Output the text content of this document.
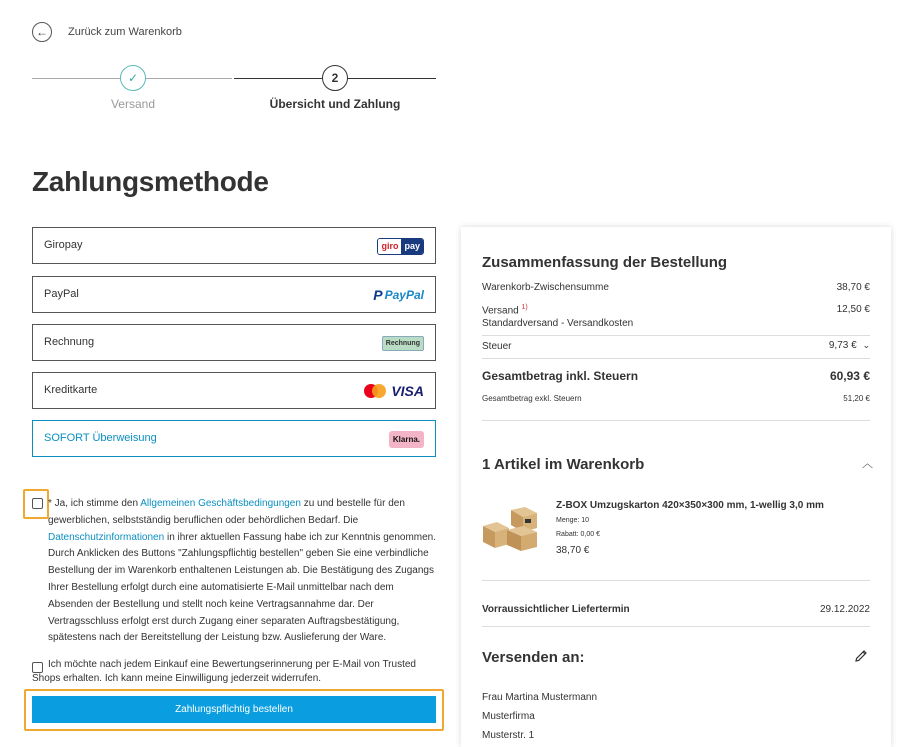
←	Zurück zum Warenkorb
✓	2
Versand	Übersicht und Zahlung
Zahlungsmethode
Giropay	giro pay
PayPal	P PayPal
Rechnung	Rechnung
Kreditkarte	VISA
SOFORT Überweisung	Klarna.
* Ja, ich stimme den Allgemeinen Geschäftsbedingungen zu und bestelle für den gewerblichen, selbstständig beruflichen oder behördlichen Bedarf. Die Datenschutzinformationen in ihrer aktuellen Fassung habe ich zur Kenntnis genommen. Durch Anklicken des Buttons "Zahlungspflichtig bestellen" geben Sie eine verbindliche Bestellung der im Warenkorb enthaltenen Leistungen ab. Die Bestätigung des Zugangs Ihrer Bestellung erfolgt durch eine automatisierte E-Mail unmittelbar nach dem Absenden der Bestellung und stellt noch keine Vertragsannahme dar. Der Vertragsschluss erfolgt erst durch Zugang einer separaten Auftragsbestätigung, spätestens nach der Bereitstellung der Leistung bzw. Auslieferung der Ware.
Ich möchte nach jedem Einkauf eine Bewertungserinnerung per E-Mail von Trusted Shops erhalten. Ich kann meine Einwilligung jederzeit widerrufen.
Zahlungspflichtig bestellen
Zusammenfassung der Bestellung
Warenkorb-Zwischensumme	38,70 €
Versand $^{1)}$	12,50 €
Standardversand - Versandkosten
Steuer	9,73 € ⌄
Gesamtbetrag inkl. Steuern	60,93 €
Gesamtbetrag exkl. Steuern	51,20 €
1 Artikel im Warenkorb	︿
Z-BOX Umzugskarton 420×350×300 mm, 1-wellig 3,0 mm
Menge: 10
Rabatt: 0,00 €
38,70 €
Vorraussichtlicher Liefertermin	29.12.2022
Versenden an:
Frau Martina Mustermann
Musterfirma
Musterstr. 1
